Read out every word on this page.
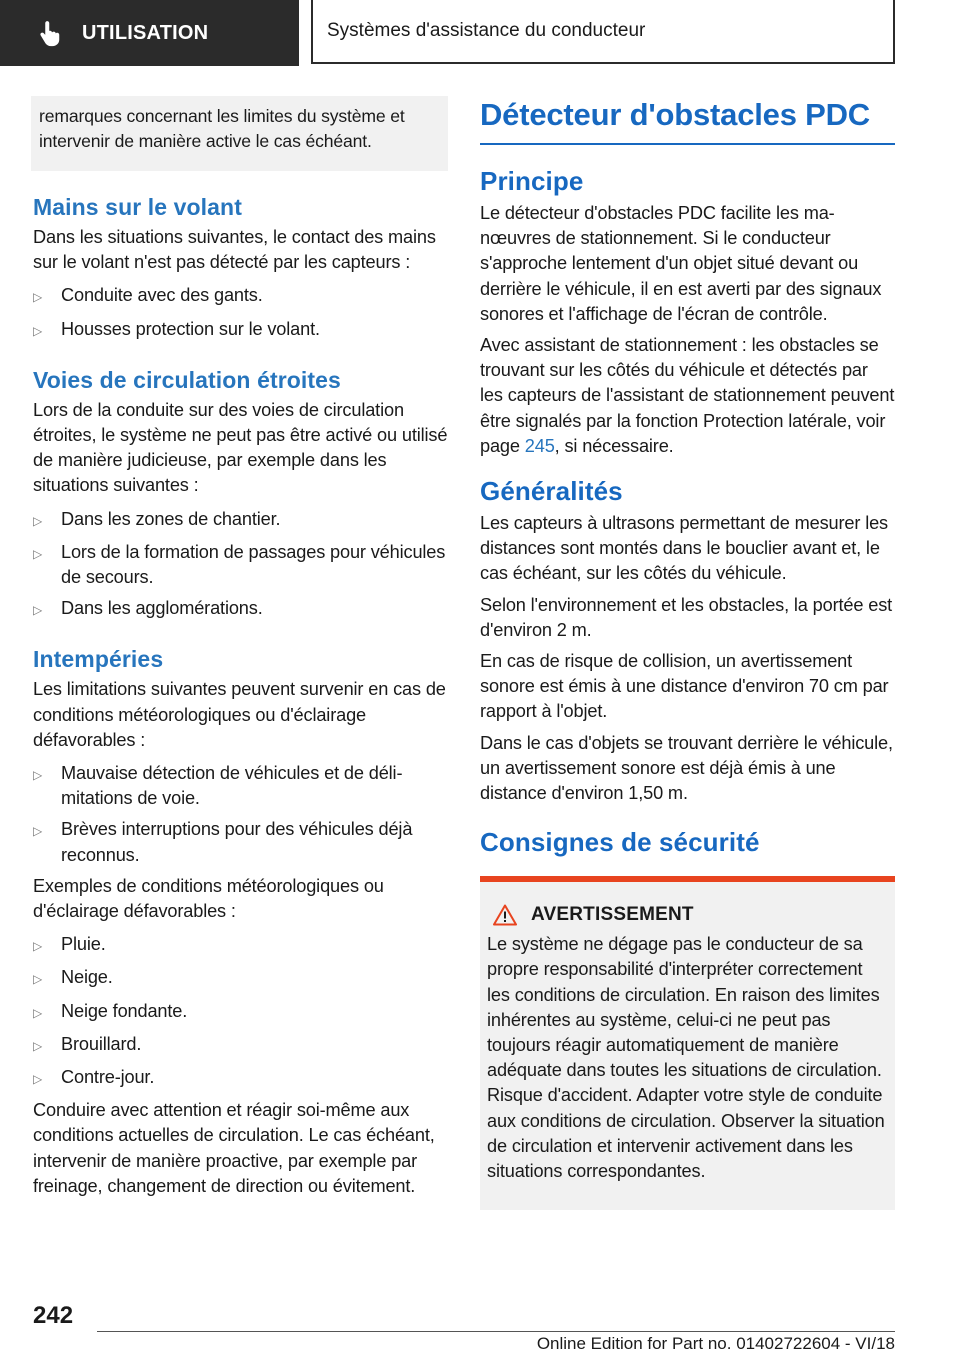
UTILISATION	Systèmes d'assistance du conducteur

remarques concernant les limites du système et intervenir de manière active le cas échéant.

Mains sur le volant

Dans les situations suivantes, le contact des mains sur le volant n'est pas détecté par les capteurs :

▷	Conduite avec des gants.
▷	Housses protection sur le volant.
Voies de circulation étroites

Lors de la conduite sur des voies de circulation étroites, le système ne peut pas être activé ou utilisé de manière judicieuse, par exemple dans les situations suivantes :

▷	Dans les zones de chantier.
▷	Lors de la formation de passages pour véhicules de secours.
▷	Dans les agglomérations.
Intempéries

Les limitations suivantes peuvent survenir en cas de conditions météorologiques ou d'éclairage défavorables :

▷	Mauvaise détection de véhicules et de délimitations de voie.
▷	Brèves interruptions pour des véhicules déjà reconnus.

Exemples de conditions météorologiques ou d'éclairage défavorables :

▷	Pluie.
▷	Neige.
▷	Neige fondante.
▷	Brouillard.
▷	Contre-jour.

Conduire avec attention et réagir soi-même aux conditions actuelles de circulation. Le cas échéant, intervenir de manière proactive, par exemple par freinage, changement de direction ou évitement.

Détecteur d'obstacles PDC
Principe

Le détecteur d'obstacles PDC facilite les manœuvres de stationnement. Si le conducteur s'approche lentement d'un objet situé devant ou derrière le véhicule, il en est averti par des signaux sonores et l'affichage de l'écran de contrôle.

Avec assistant de stationnement : les obstacles se trouvant sur les côtés du véhicule et détectés par les capteurs de l'assistant de stationnement peuvent être signalés par la fonction Protection latérale, voir page 245, si nécessaire.

Généralités

Les capteurs à ultrasons permettant de mesurer les distances sont montés dans le bouclier avant et, le cas échéant, sur les côtés du véhicule.

Selon l'environnement et les obstacles, la portée est d'environ 2 m.

En cas de risque de collision, un avertissement sonore est émis à une distance d'environ 70 cm par rapport à l'objet.

Dans le cas d'objets se trouvant derrière le véhicule, un avertissement sonore est déjà émis à une distance d'environ 1,50 m.

Consignes de sécurité
AVERTISSEMENT

Le système ne dégage pas le conducteur de sa propre responsabilité d'interpréter correctement les conditions de circulation. En raison des limites inhérentes au système, celui-ci ne peut pas toujours réagir automatiquement de manière adéquate dans toutes les situations de circulation. Risque d'accident. Adapter votre style de conduite aux conditions de circulation. Observer la situation de circulation et intervenir activement dans les situations correspondantes.

242
Online Edition for Part no. 01402722604 - VI/18
